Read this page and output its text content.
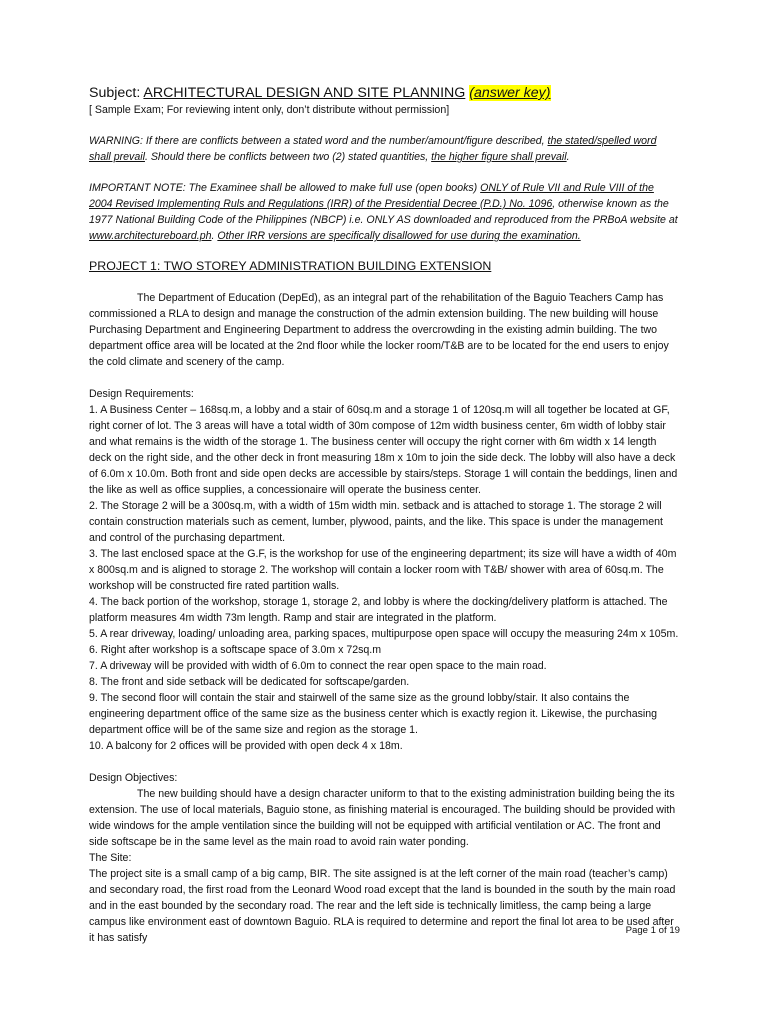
Subject: ARCHITECTURAL DESIGN AND SITE PLANNING (answer key)
[ Sample Exam; For reviewing intent only, don’t distribute without permission]

WARNING: If there are conflicts between a stated word and the number/amount/figure described, the stated/spelled word shall prevail. Should there be conflicts between two (2) stated quantities, the higher figure shall prevail.

IMPORTANT NOTE: The Examinee shall be allowed to make full use (open books) ONLY of Rule VII and Rule VIII of the 2004 Revised Implementing Ruls and Regulations (IRR) of the Presidential Decree (P.D.) No. 1096, otherwise known as the 1977 National Building Code of the Philippines (NBCP) i.e. ONLY AS downloaded and reproduced from the PRBoA website at www.architectureboard.ph. Other IRR versions are specifically disallowed for use during the examination.

PROJECT 1: TWO STOREY ADMINISTRATION BUILDING EXTENSION

The Department of Education (DepEd), as an integral part of the rehabilitation of the Baguio Teachers Camp has commissioned a RLA to design and manage the construction of the admin extension building. The new building will house Purchasing Department and Engineering Department to address the overcrowding in the existing admin building. The two department office area will be located at the 2nd floor while the locker room/T&B are to be located for the end users to enjoy the cold climate and scenery of the camp.

Design Requirements:

1. A Business Center – 168sq.m, a lobby and a stair of 60sq.m and a storage 1 of 120sq.m will all together be located at GF, right corner of lot. The 3 areas will have a total width of 30m compose of 12m width business center, 6m width of lobby stair and what remains is the width of the storage 1. The business center will occupy the right corner with 6m width x 14 length deck on the right side, and the other deck in front measuring 18m x 10m to join the side deck. The lobby will also have a deck of 6.0m x 10.0m. Both front and side open decks are accessible by stairs/steps. Storage 1 will contain the beddings, linen and the like as well as office supplies, a concessionaire will operate the business center.

2. The Storage 2 will be a 300sq.m, with a width of 15m width min. setback and is attached to storage 1. The storage 2 will contain construction materials such as cement, lumber, plywood, paints, and the like. This space is under the management and control of the purchasing department.

3. The last enclosed space at the G.F, is the workshop for use of the engineering department; its size will have a width of 40m x 800sq.m and is aligned to storage 2. The workshop will contain a locker room with T&B/ shower with area of 60sq.m. The workshop will be constructed fire rated partition walls.

4. The back portion of the workshop, storage 1, storage 2, and lobby is where the docking/delivery platform is attached. The platform measures 4m width 73m length. Ramp and stair are integrated in the platform.

5. A rear driveway, loading/ unloading area, parking spaces, multipurpose open space will occupy the measuring 24m x 105m.

6. Right after workshop is a softscape space of 3.0m x 72sq.m

7. A driveway will be provided with width of 6.0m to connect the rear open space to the main road.

8. The front and side setback will be dedicated for softscape/garden.

9. The second floor will contain the stair and stairwell of the same size as the ground lobby/stair. It also contains the engineering department office of the same size as the business center which is exactly region it. Likewise, the purchasing department office will be of the same size and region as the storage 1.

10. A balcony for 2 offices will be provided with open deck 4 x 18m.

Design Objectives:

The new building should have a design character uniform to that to the existing administration building being the its extension. The use of local materials, Baguio stone, as finishing material is encouraged. The building should be provided with wide windows for the ample ventilation since the building will not be equipped with artificial ventilation or AC. The front and side softscape be in the same level as the main road to avoid rain water ponding.

The Site:

The project site is a small camp of a big camp, BIR. The site assigned is at the left corner of the main road (teacher’s camp) and secondary road, the first road from the Leonard Wood road except that the land is bounded in the south by the main road and in the east bounded by the secondary road. The rear and the left side is technically limitless, the camp being a large campus like environment east of downtown Baguio. RLA is required to determine and report the final lot area to be used after it has satisfy

Page 1 of 19
